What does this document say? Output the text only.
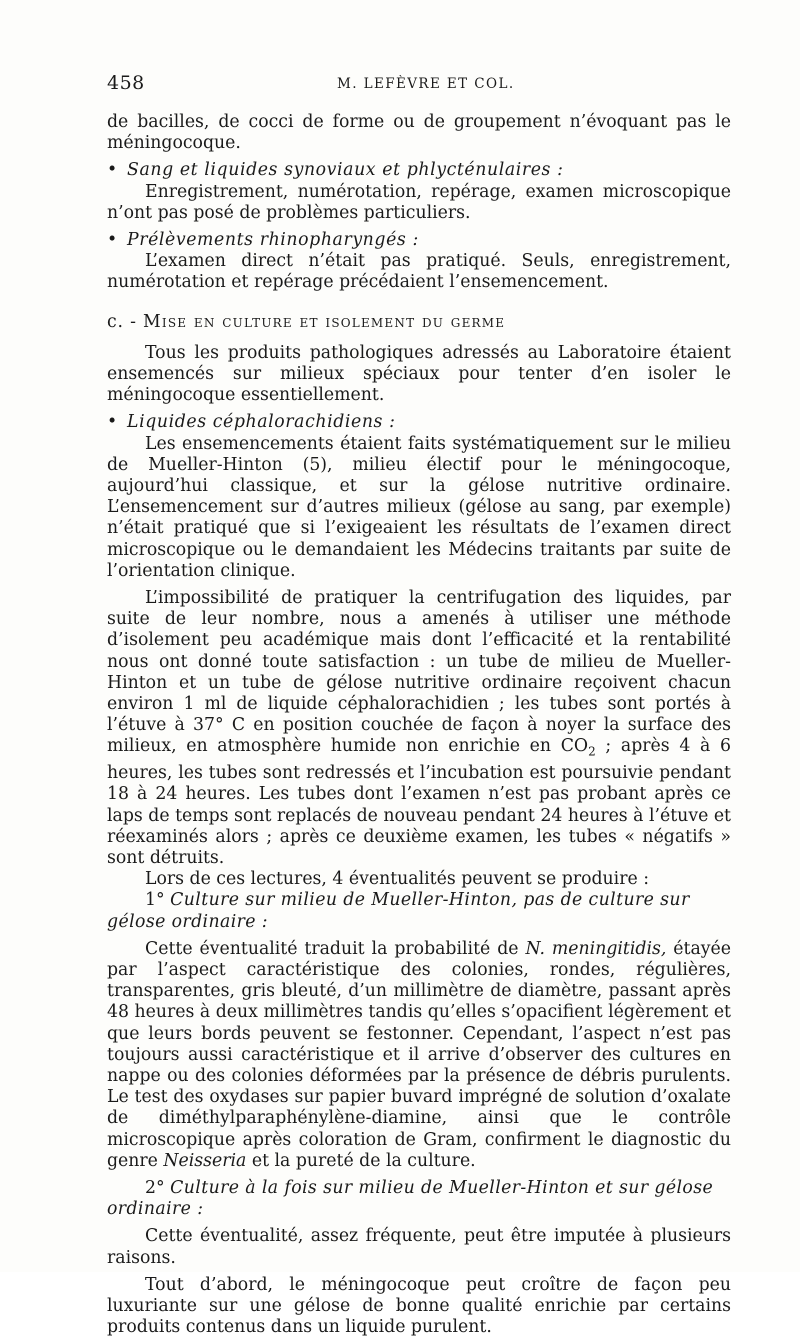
458	M. LEFÈVRE ET COL.

de bacilles, de cocci de forme ou de groupement n’évoquant pas le méningocoque.

• Sang et liquides synoviaux et phlycténulaires :

Enregistrement, numérotation, repérage, examen microscopique n’ont pas posé de problèmes particuliers.

• Prélèvements rhinopharyngés :

L’examen direct n’était pas pratiqué. Seuls, enregistrement, numérotation et repérage précédaient l’ensemencement.

c. - Mise en culture et isolement du germe

Tous les produits pathologiques adressés au Laboratoire étaient ensemencés sur milieux spéciaux pour tenter d’en isoler le méningocoque essentiellement.

• Liquides céphalorachidiens :

Les ensemencements étaient faits systématiquement sur le milieu de Mueller-Hinton (5), milieu électif pour le méningocoque, aujourd’hui classique, et sur la gélose nutritive ordinaire. L’ensemencement sur d’autres milieux (gélose au sang, par exemple) n’était pratiqué que si l’exigeaient les résultats de l’examen direct microscopique ou le demandaient les Médecins traitants par suite de l’orientation clinique.

L’impossibilité de pratiquer la centrifugation des liquides, par suite de leur nombre, nous a amenés à utiliser une méthode d’isolement peu académique mais dont l’efficacité et la rentabilité nous ont donné toute satisfaction : un tube de milieu de Mueller-Hinton et un tube de gélose nutritive ordinaire reçoivent chacun environ 1 ml de liquide céphalorachidien ; les tubes sont portés à l’étuve à 37° C en position couchée de façon à noyer la surface des milieux, en atmosphère humide non enrichie en $CO_2$ ; après 4 à 6 heures, les tubes sont redressés et l’incubation est poursuivie pendant 18 à 24 heures. Les tubes dont l’examen n’est pas probant après ce laps de temps sont replacés de nouveau pendant 24 heures à l’étuve et réexaminés alors ; après ce deuxième examen, les tubes « négatifs » sont détruits.

Lors de ces lectures, 4 éventualités peuvent se produire :

1° Culture sur milieu de Mueller-Hinton, pas de culture sur gélose ordinaire :

Cette éventualité traduit la probabilité de N. meningitidis, étayée par l’aspect caractéristique des colonies, rondes, régulières, transparentes, gris bleuté, d’un millimètre de diamètre, passant après 48 heures à deux millimètres tandis qu’elles s’opacifient légèrement et que leurs bords peuvent se festonner. Cependant, l’aspect n’est pas toujours aussi caractéristique et il arrive d’observer des cultures en nappe ou des colonies déformées par la présence de débris purulents. Le test des oxydases sur papier buvard imprégné de solution d’oxalate de diméthylparaphénylène-diamine, ainsi que le contrôle microscopique après coloration de Gram, confirment le diagnostic du genre Neisseria et la pureté de la culture.

2° Culture à la fois sur milieu de Mueller-Hinton et sur gélose ordinaire :

Cette éventualité, assez fréquente, peut être imputée à plusieurs raisons.

Tout d’abord, le méningocoque peut croître de façon peu luxuriante sur une gélose de bonne qualité enrichie par certains produits contenus dans un liquide purulent.
